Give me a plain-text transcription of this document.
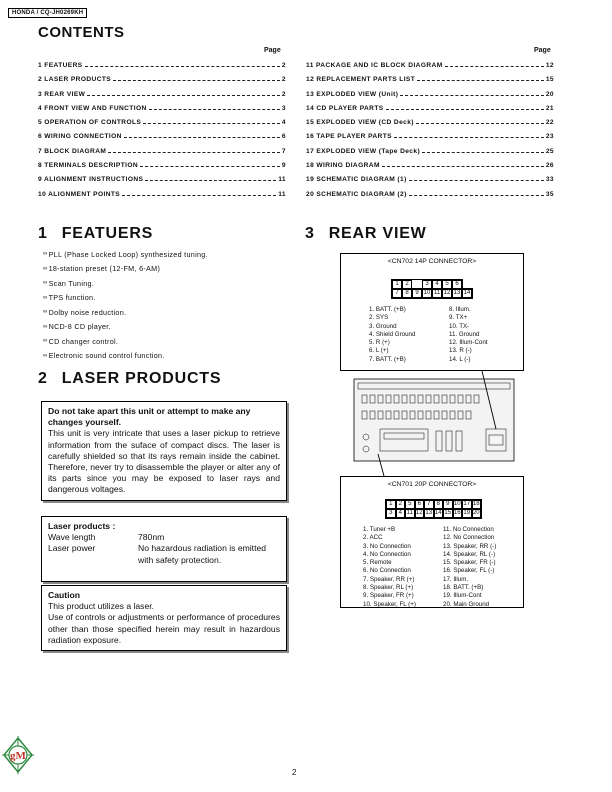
HONDA / CQ-JH0269KH
CONTENTS
Page	Page
1 FEATUERS	2
2 LASER PRODUCTS	2
3 REAR VIEW	2
4 FRONT VIEW AND FUNCTION	3
5 OPERATION OF CONTROLS	4
6 WIRING CONNECTION	6
7 BLOCK DIAGRAM	7
8 TERMINALS DESCRIPTION	9
9 ALIGNMENT INSTRUCTIONS	11
10 ALIGNMENT POINTS	11
11 PACKAGE AND IC BLOCK DIAGRAM	12
12 REPLACEMENT PARTS LIST	15
13 EXPLODED VIEW (Unit)	20
14 CD PLAYER PARTS	21
15 EXPLODED VIEW (CD Deck)	22
16 TAPE PLAYER PARTS	23
17 EXPLODED VIEW (Tape Deck)	25
18 WIRING DIAGRAM	26
19 SCHEMATIC DIAGRAM (1)	33
20 SCHEMATIC DIAGRAM (2)	35
1 FEATUERS
∞ PLL (Phase Locked Loop) synthesized tuning.
∞ 18-station preset (12-FM, 6-AM)
∞ Scan Tuning.
∞ TPS function.
∞ Dolby noise reduction.
∞ NCD-8 CD player.
∞ CD changer control.
∞ Electronic sound control function.
2 LASER PRODUCTS
Do not take apart this unit or attempt to make any changes yourself.
This unit is very intricate that uses a laser pickup to retrieve information from the suface of compact discs. The laser is carefully shielded so that its rays remain inside the cabinet. Therefore, never try to disassemble the player or alter any of its parts since you may be exposed to laser rays and dangerous voltages.
Laser products :
Wave length	780nm
Laser power	No hazardous radiation is emitted with safety protection.
Caution
This product utilizes a laser.
Use of controls or adjustments or performance of procedures other than those specified herein may result in hazardous radiation exposure.
3 REAR VIEW
<CN702 14P CONNECTOR>
1	2	3	4	5	6
7	8	9 10 11 12 13 14
1. BATT. (+B)
2. SYS
3. Ground
4. Shield Ground
5. R (+)
6. L (+)
7. BATT. (+B)
8. Illum.
9. TX+
10. TX-
11. Ground
12. Illum-Cont
13. R (-)
14. L (-)
<CN701 20P CONNECTOR>
1	2	5	6	7	8	9 10 17 18
3	4 11 12 13 14 15 16 19 20
1. Tuner +B
2. ACC
3. No Connection
4. No Connection
5. Remote
6. No Connection
7. Speaker, RR (+)
8. Speaker, RL (+)
9. Speaker, FR (+)
10. Speaker, FL (+)
11. No Connection
12. No Connection
13. Speaker, RR (-)
14. Speaker, RL (-)
15. Speaker, FR (-)
16. Speaker, FL (-)
17. Illum.
18. BATT. (+B)
19. Illum-Cont
20. Main Ground
2
gM
